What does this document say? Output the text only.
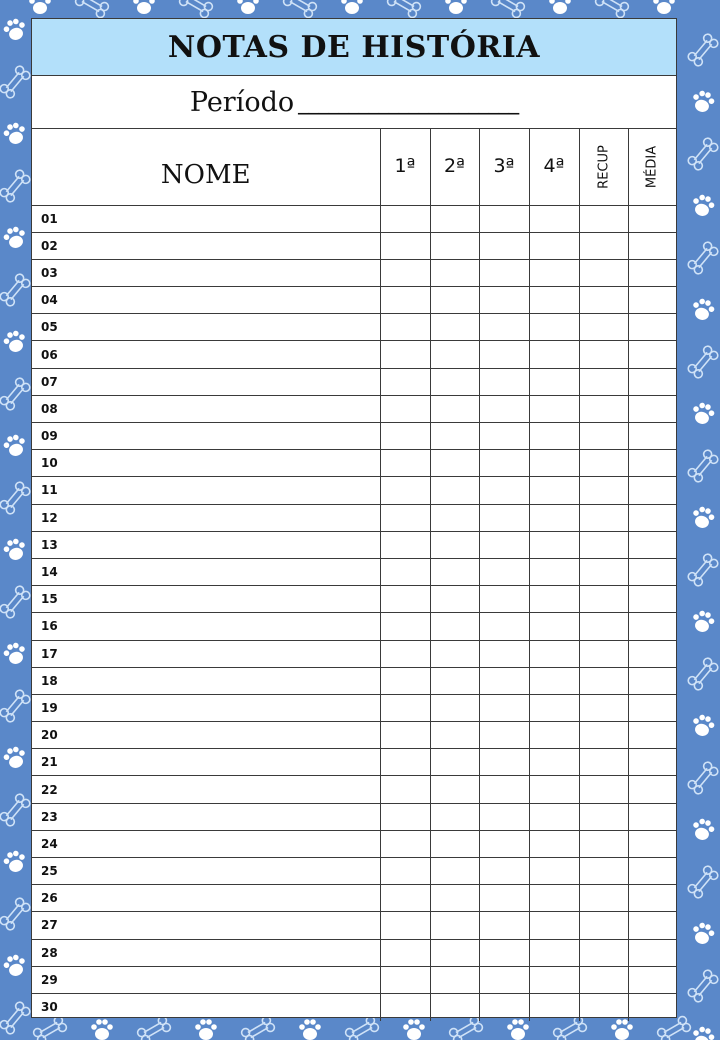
NOTAS DE HISTÓRIA
Período ______________________
NOME	1ª	2ª	3ª	4ª	RECUP	MÉDIA

01						
02						
03						
04						
05						
06						
07						
08						
09						
10						
11						
12						
13						
14						
15						
16						
17						
18						
19						
20						
21						
22						
23						
24						
25						
26						
27						
28						
29						
30						
